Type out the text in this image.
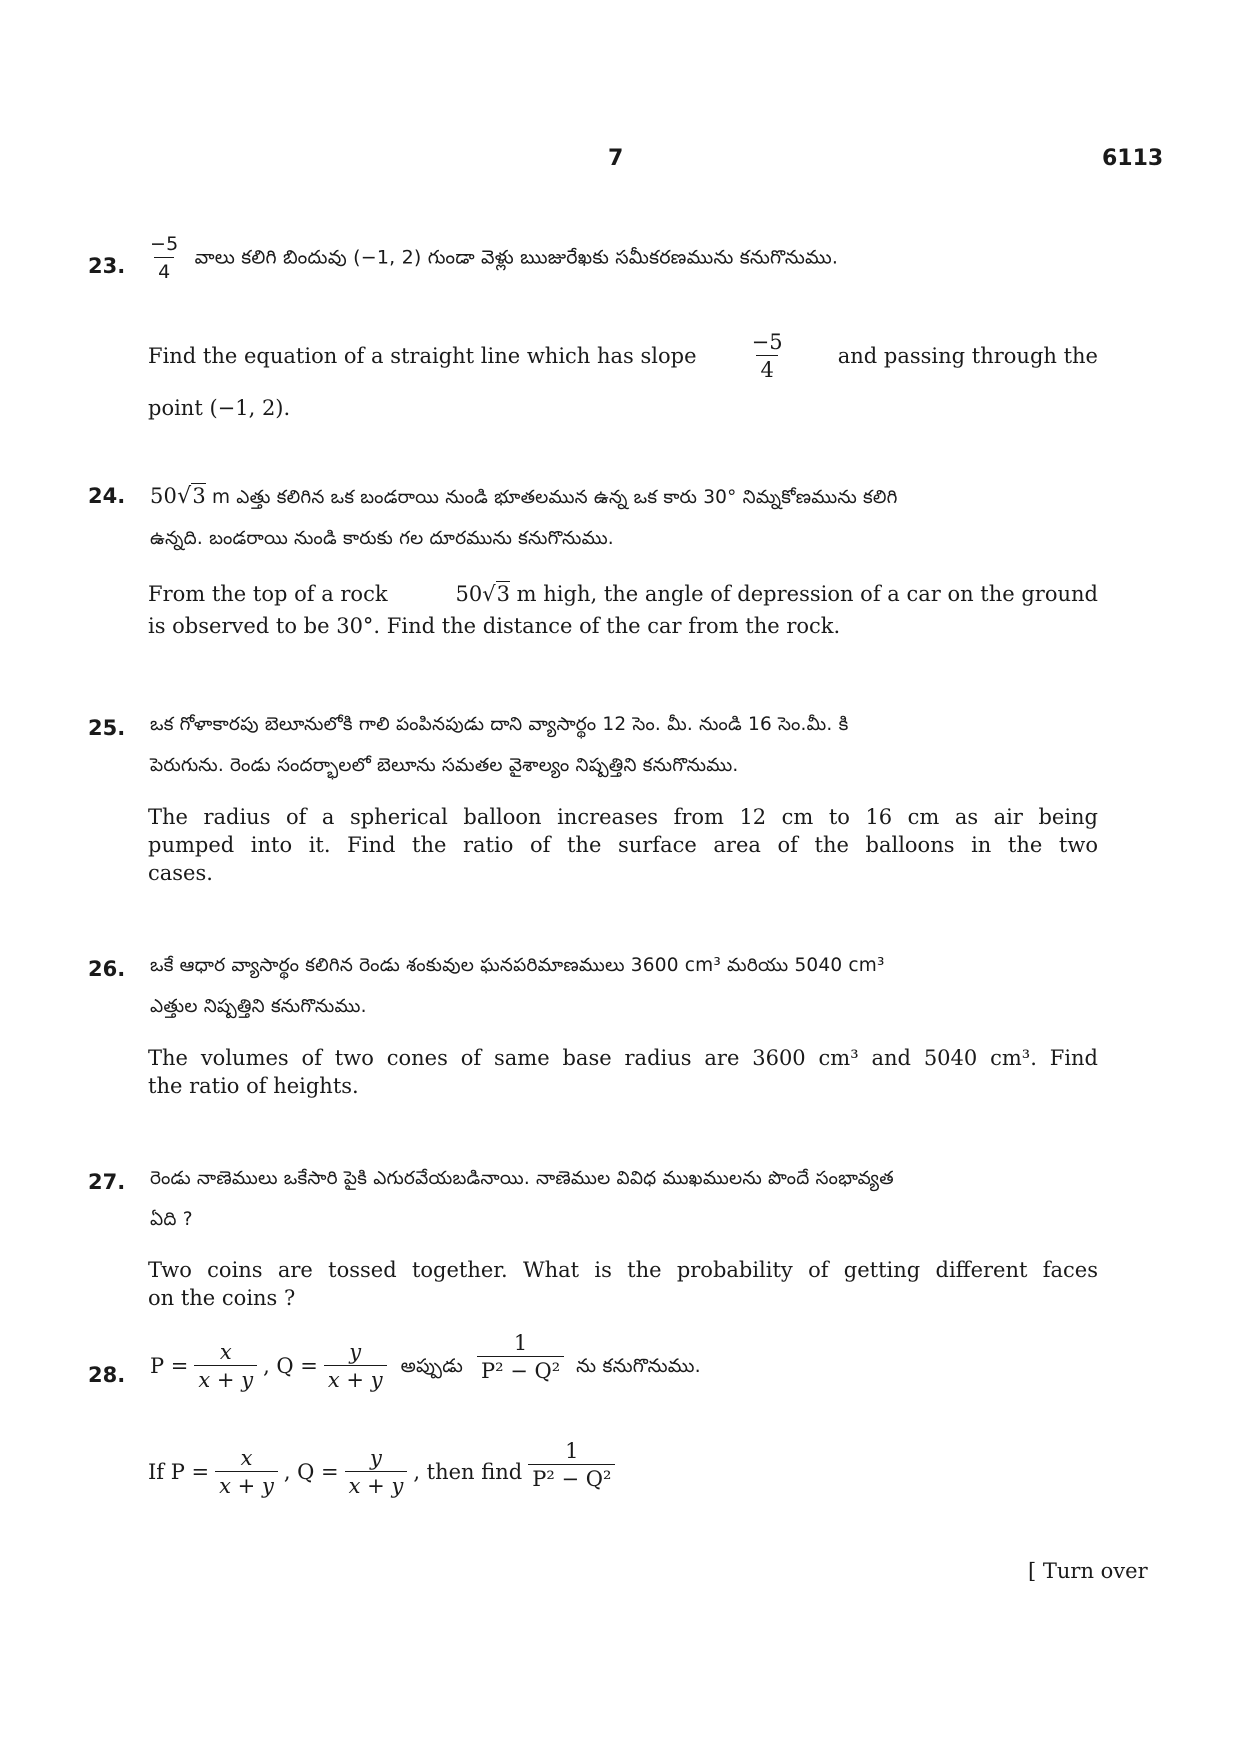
7	6113
23. $\frac{-5}{4}$ వాలు కలిగి బిందువు (−1, 2) గుండా వెళ్లు ఋజురేఖకు సమీకరణమును కనుగొనుము.
Find the equation of a straight line which has slope $\frac{-5}{4}$ and passing through the
point (−1, 2).
24. 50√3 m ఎత్తు కలిగిన ఒక బండరాయి నుండి భూతలమున ఉన్న ఒక కారు 30° నిమ్నకోణమును కలిగి
ఉన్నది. బండరాయి నుండి కారుకు గల దూరమును కనుగొనుము.
From the top of a rock	50√3 m high, the angle of depression of a car on the ground
is observed to be 30°. Find the distance of the car from the rock.
25. ఒక గోళాకారపు బెలూనులోకి గాలి పంపినపుడు దాని వ్యాసార్థం 12 సెం. మీ. నుండి 16 సెం.మీ. కి
పెరుగును. రెండు సందర్భాలలో బెలూను సమతల వైశాల్యం నిష్పత్తిని కనుగొనుము.
The radius of a spherical balloon increases from 12 cm to 16 cm as air being
pumped into it. Find the ratio of the surface area of the balloons in the two
cases.
26. ఒకే ఆధార వ్యాసార్థం కలిగిన రెండు శంకువుల ఘనపరిమాణములు 3600 cm³ మరియు 5040 cm³
ఎత్తుల నిష్పత్తిని కనుగొనుము.
The volumes of two cones of same base radius are 3600 cm³ and 5040 cm³. Find
the ratio of heights.
27. రెండు నాణెములు ఒకేసారి పైకి ఎగురవేయబడినాయి. నాణెముల వివిధ ముఖములను పొందే సంభావ్యత
ఏది ?
Two coins are tossed together. What is the probability of getting different faces
on the coins ?
28. $P = \frac{x}{x + y}$ , $Q = \frac{y}{x + y}$ అప్పుడు $\frac{1}{\text{P² − Q²}}$ ను కనుగొనుము.
If $P = \frac{x}{x + y}$ , $Q = \frac{y}{x + y}$ , then find $\frac{1}{\text{P² − Q²}}$
[ Turn over
